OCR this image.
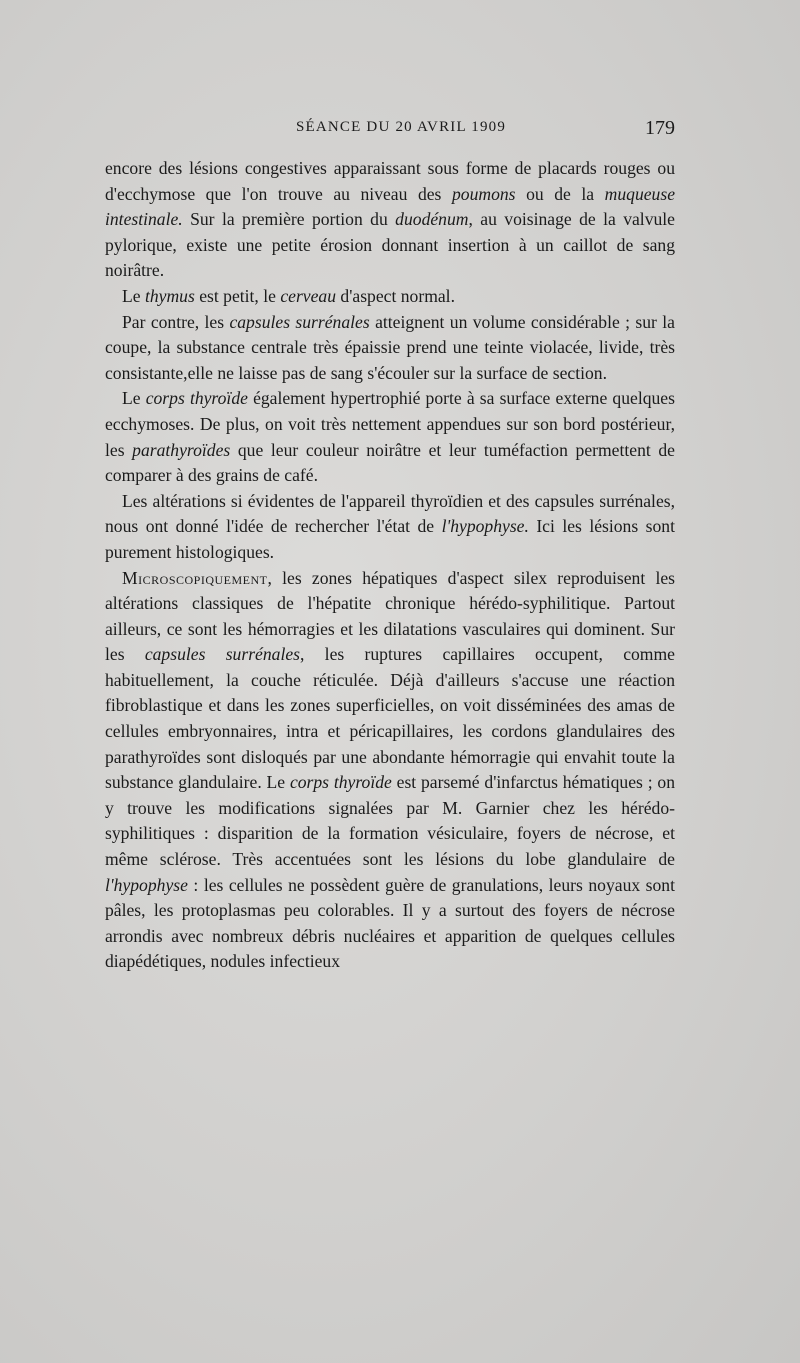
SÉANCE DU 20 AVRIL 1909	179

encore des lésions congestives apparaissant sous forme de placards rouges ou d'ecchymose que l'on trouve au niveau des poumons ou de la muqueuse intestinale. Sur la première portion du duodénum, au voisinage de la valvule pylorique, existe une petite érosion donnant insertion à un caillot de sang noirâtre.

Le thymus est petit, le cerveau d'aspect normal.

Par contre, les capsules surrénales atteignent un volume considérable ; sur la coupe, la substance centrale très épaissie prend une teinte violacée, livide, très consistante,elle ne laisse pas de sang s'écouler sur la surface de section.

Le corps thyroïde également hypertrophié porte à sa surface externe quelques ecchymoses. De plus, on voit très nettement appendues sur son bord postérieur, les parathyroïdes que leur couleur noirâtre et leur tuméfaction permettent de comparer à des grains de café.

Les altérations si évidentes de l'appareil thyroïdien et des capsules surrénales, nous ont donné l'idée de rechercher l'état de l'hypophyse. Ici les lésions sont purement histologiques.

Microscopiquement, les zones hépatiques d'aspect silex reproduisent les altérations classiques de l'hépatite chronique hérédo-syphilitique. Partout ailleurs, ce sont les hémorragies et les dilatations vasculaires qui dominent. Sur les capsules surrénales, les ruptures capillaires occupent, comme habituellement, la couche réticulée. Déjà d'ailleurs s'accuse une réaction fibroblastique et dans les zones superficielles, on voit disséminées des amas de cellules embryonnaires, intra et péricapillaires, les cordons glandulaires des parathyroïdes sont disloqués par une abondante hémorragie qui envahit toute la substance glandulaire. Le corps thyroïde est parsemé d'infarctus hématiques ; on y trouve les modifications signalées par M. Garnier chez les hérédo-syphilitiques : disparition de la formation vésiculaire, foyers de nécrose, et même sclérose. Très accentuées sont les lésions du lobe glandulaire de l'hypophyse : les cellules ne possèdent guère de granulations, leurs noyaux sont pâles, les protoplasmas peu colorables. Il y a surtout des foyers de nécrose arrondis avec nombreux débris nucléaires et apparition de quelques cellules diapédétiques, nodules infectieux
